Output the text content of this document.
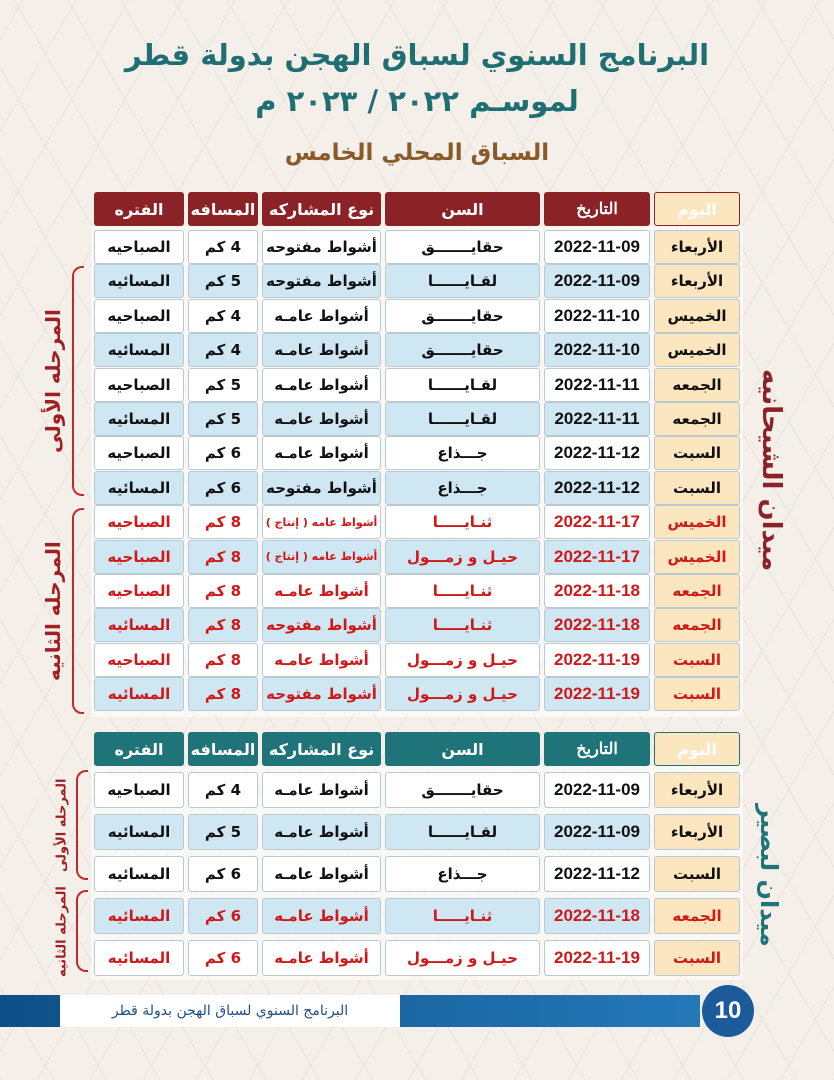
البرنامج السنوي لسباق الهجن بدولة قطر
لموسـم ٢٠٢٢ / ٢٠٢٣ م
السباق المحلي الخامس
اليوم
التاريخ
السن
نوع المشاركه
المسافه
الفتره
الأربعاء
2022-11-09
حقايـــــــق
أشواط مفتوحه
4 كم
الصباحيه
الأربعاء
2022-11-09
لقـايــــــا
أشواط مفتوحه
5 كم
المسائيه
الخميس
2022-11-10
حقايـــــــق
أشواط عامـه
4 كم
الصباحيه
الخميس
2022-11-10
حقايـــــــق
أشواط عامـه
4 كم
المسائيه
الجمعه
2022-11-11
لقـايــــــا
أشواط عامـه
5 كم
الصباحيه
الجمعه
2022-11-11
لقـايــــــا
أشواط عامـه
5 كم
المسائيه
السبت
2022-11-12
جـــذاع
أشواط عامـه
6 كم
الصباحيه
السبت
2022-11-12
جـــذاع
أشواط مفتوحه
6 كم
المسائيه
الخميس
2022-11-17
ثنـايـــــا
أشواط عامه ( إنتاج )
8 كم
الصباحيه
الخميس
2022-11-17
حيـل و زمـــول
أشواط عامه ( إنتاج )
8 كم
الصباحيه
الجمعه
2022-11-18
ثنـايـــــا
أشواط عامـه
8 كم
الصباحيه
الجمعه
2022-11-18
ثنـايـــــا
أشواط مفتوحه
8 كم
المسائيه
السبت
2022-11-19
حيـل و زمـــول
أشواط عامـه
8 كم
الصباحيه
السبت
2022-11-19
حيـل و زمـــول
أشواط مفتوحه
8 كم
المسائيه
اليوم
التاريخ
السن
نوع المشاركه
المسافه
الفتره
الأربعاء
2022-11-09
حقايـــــــق
أشواط عامـه
4 كم
الصباحيه
الأربعاء
2022-11-09
لقـايــــــا
أشواط عامـه
5 كم
المسائيه
السبت
2022-11-12
جـــذاع
أشواط عامـه
6 كم
المسائيه
الجمعه
2022-11-18
ثنـايـــــا
أشواط عامـه
6 كم
المسائيه
السبت
2022-11-19
حيـل و زمـــول
أشواط عامـه
6 كم
المسائيه
ميدان الشيحانيه
ميدان لبصير
المرحله الأولى
المرحله الثانيه
المرحله الأولى
المرحله الثانيه
البرنامج السنوي لسباق الهجن بدولة قطر	10
